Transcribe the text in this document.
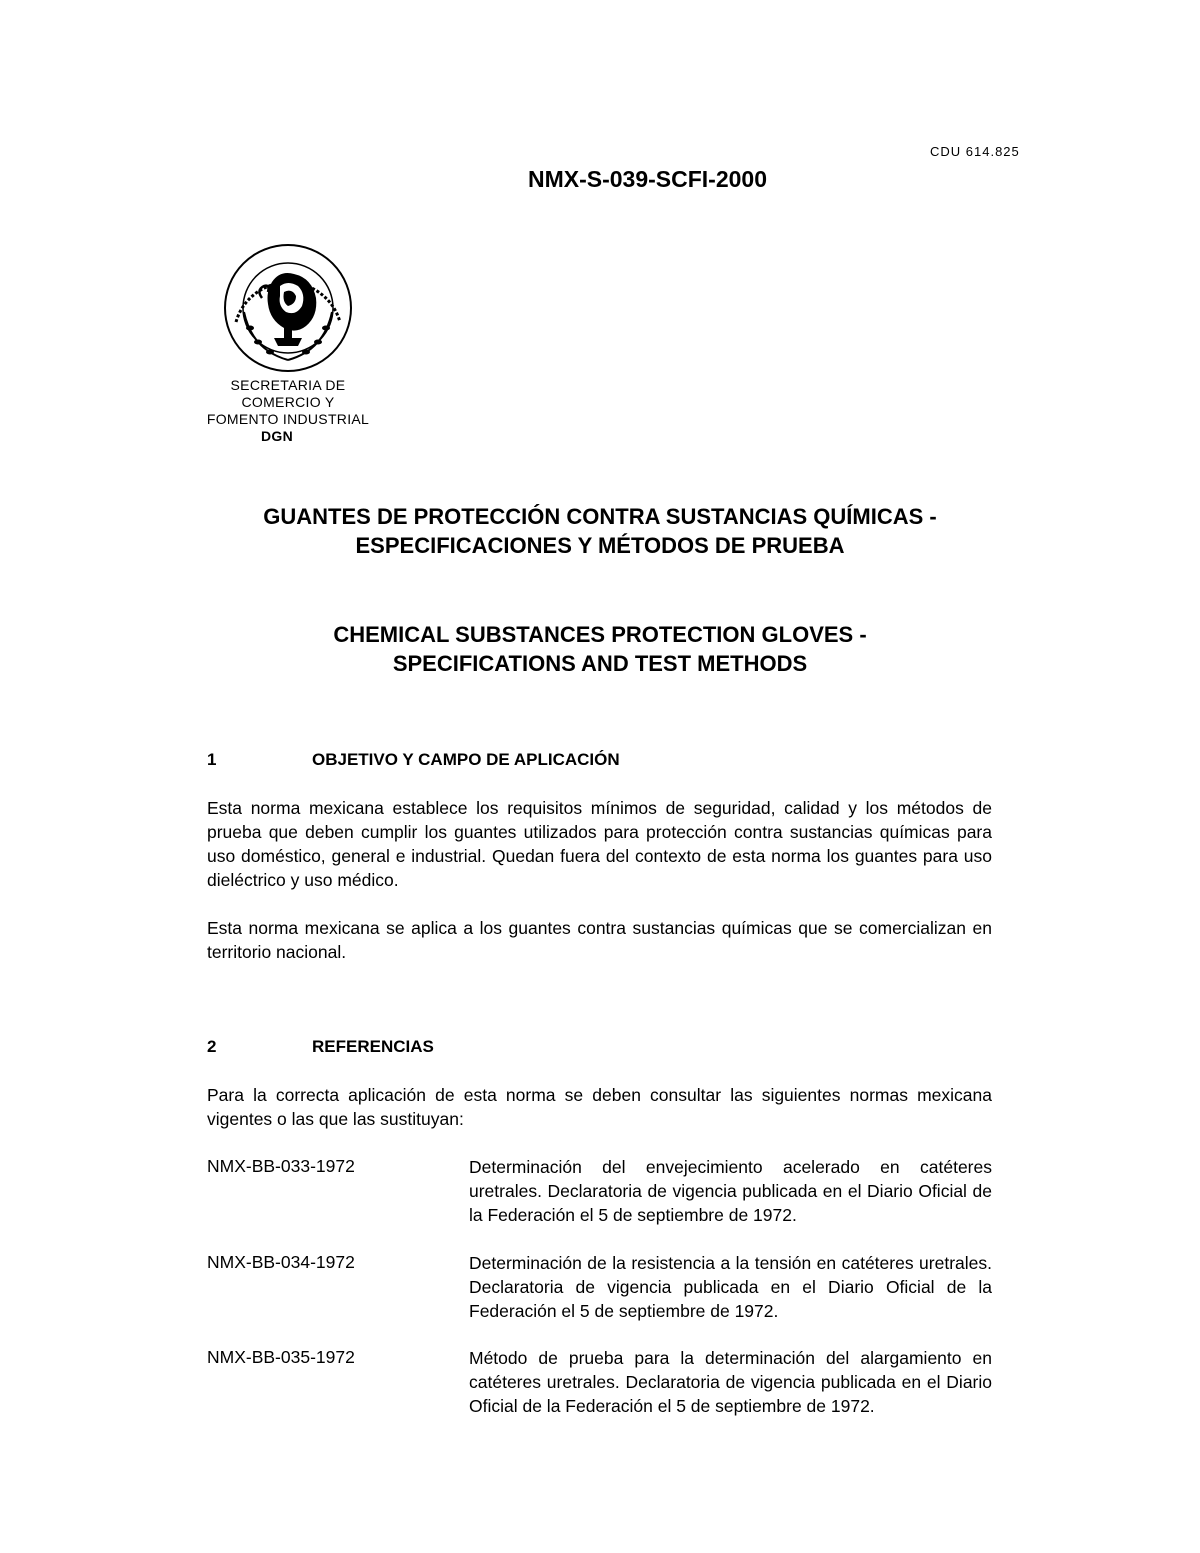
CDU 614.825
NMX-S-039-SCFI-2000
SECRETARIA DE
COMERCIO Y
FOMENTO INDUSTRIAL
DGN
GUANTES DE PROTECCIÓN CONTRA SUSTANCIAS QUÍMICAS -
ESPECIFICACIONES Y MÉTODOS DE PRUEBA
CHEMICAL SUBSTANCES PROTECTION GLOVES -
SPECIFICATIONS AND TEST METHODS
1	OBJETIVO Y CAMPO DE APLICACIÓN
Esta norma mexicana establece los requisitos mínimos de seguridad, calidad y los métodos de prueba que deben cumplir los guantes utilizados para protección contra sustancias químicas para uso doméstico, general e industrial. Quedan fuera del contexto de esta norma los guantes para uso dieléctrico y uso médico.
Esta norma mexicana se aplica a los guantes contra sustancias químicas que se comercializan en territorio nacional.
2	REFERENCIAS
Para la correcta aplicación de esta norma se deben consultar las siguientes normas mexicana vigentes o las que las sustituyan:
NMX-BB-033-1972	Determinación del envejecimiento acelerado en catéteres uretrales. Declaratoria de vigencia publicada en el Diario Oficial de la Federación el 5 de septiembre de 1972.
NMX-BB-034-1972	Determinación de la resistencia a la tensión en catéteres uretrales. Declaratoria de vigencia publicada en el Diario Oficial de la Federación el 5 de septiembre de 1972.
NMX-BB-035-1972	Método de prueba para la determinación del alargamiento en catéteres uretrales. Declaratoria de vigencia publicada en el Diario Oficial de la Federación el 5 de septiembre de 1972.
